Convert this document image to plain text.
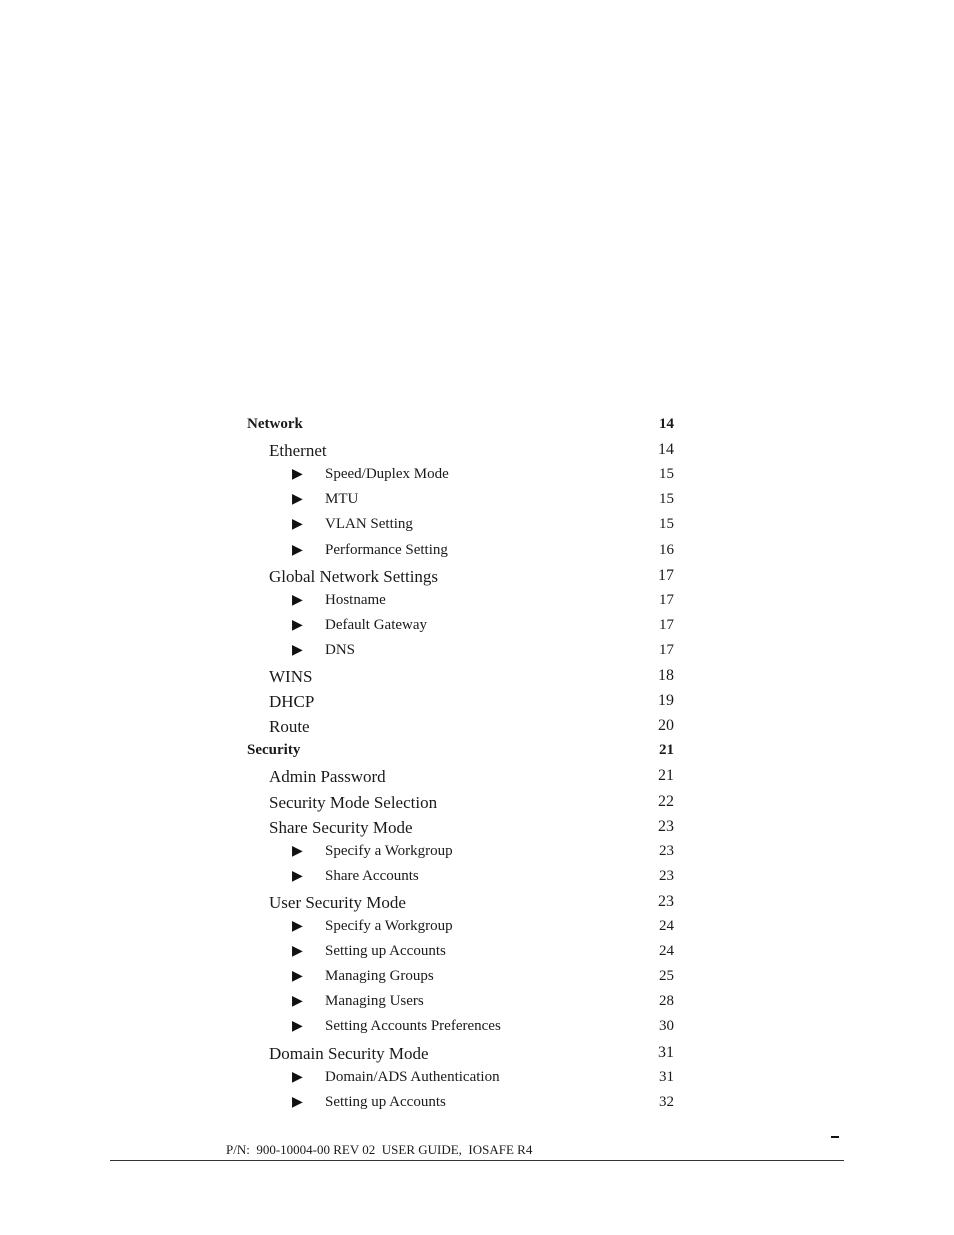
Network	14
Ethernet	14
▶ Speed/Duplex Mode	15
▶ MTU	15
▶ VLAN Setting	15
▶ Performance Setting	16
Global Network Settings	17
▶ Hostname	17
▶ Default Gateway	17
▶ DNS	17
WINS	18
DHCP	19
Route	20
Security	21
Admin Password	21
Security Mode Selection	22
Share Security Mode	23
▶ Specify a Workgroup	23
▶ Share Accounts	23
User Security Mode	23
▶ Specify a Workgroup	24
▶ Setting up Accounts	24
▶ Managing Groups	25
▶ Managing Users	28
▶ Setting Accounts Preferences	30
Domain Security Mode	31
▶ Domain/ADS Authentication	31
▶ Setting up Accounts	32
P/N:  900-10004-00 REV 02  USER GUIDE,  IOSAFE R4
